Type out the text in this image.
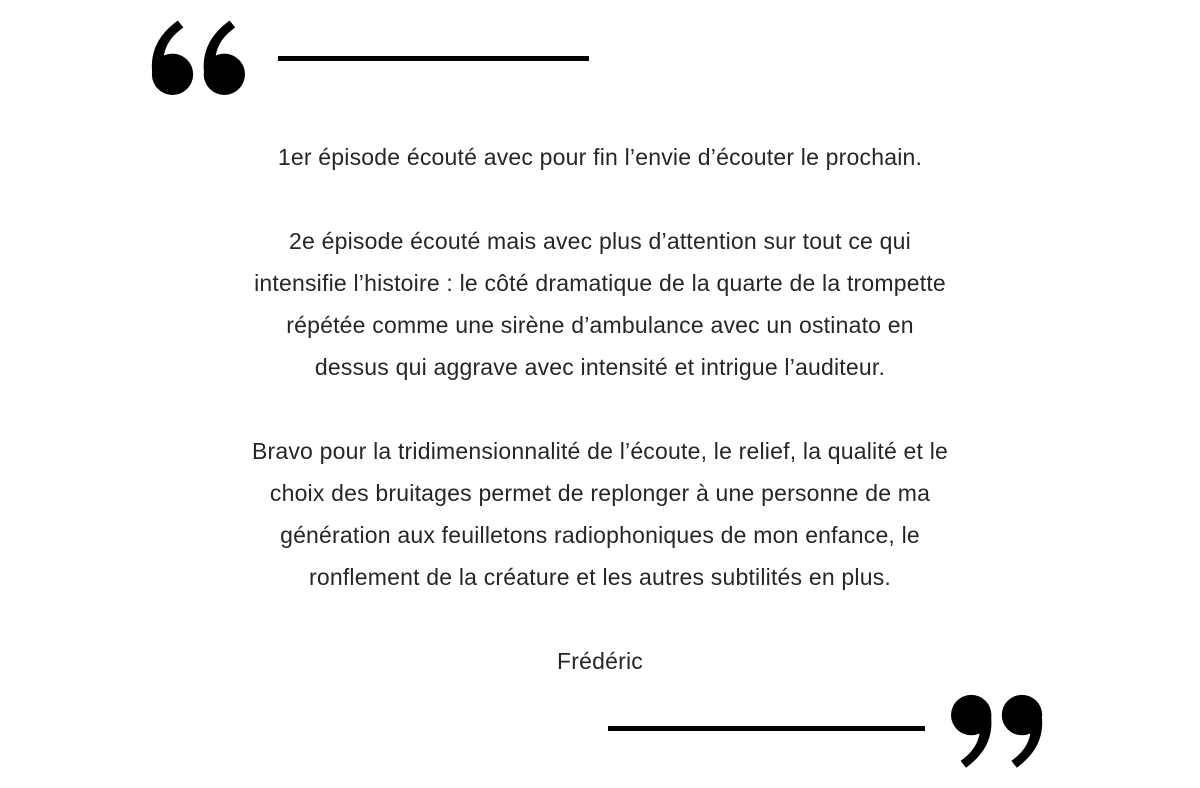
1er épisode écouté avec pour fin l’envie d’écouter le prochain.
2e épisode écouté mais avec plus d’attention sur tout ce qui
intensifie l’histoire : le côté dramatique de la quarte de la trompette
répétée comme une sirène d’ambulance avec un ostinato en
dessus qui aggrave avec intensité et intrigue l’auditeur.
Bravo pour la tridimensionnalité de l’écoute, le relief, la qualité et le
choix des bruitages permet de replonger à une personne de ma
génération aux feuilletons radiophoniques de mon enfance, le
ronflement de la créature et les autres subtilités en plus.
Frédéric
